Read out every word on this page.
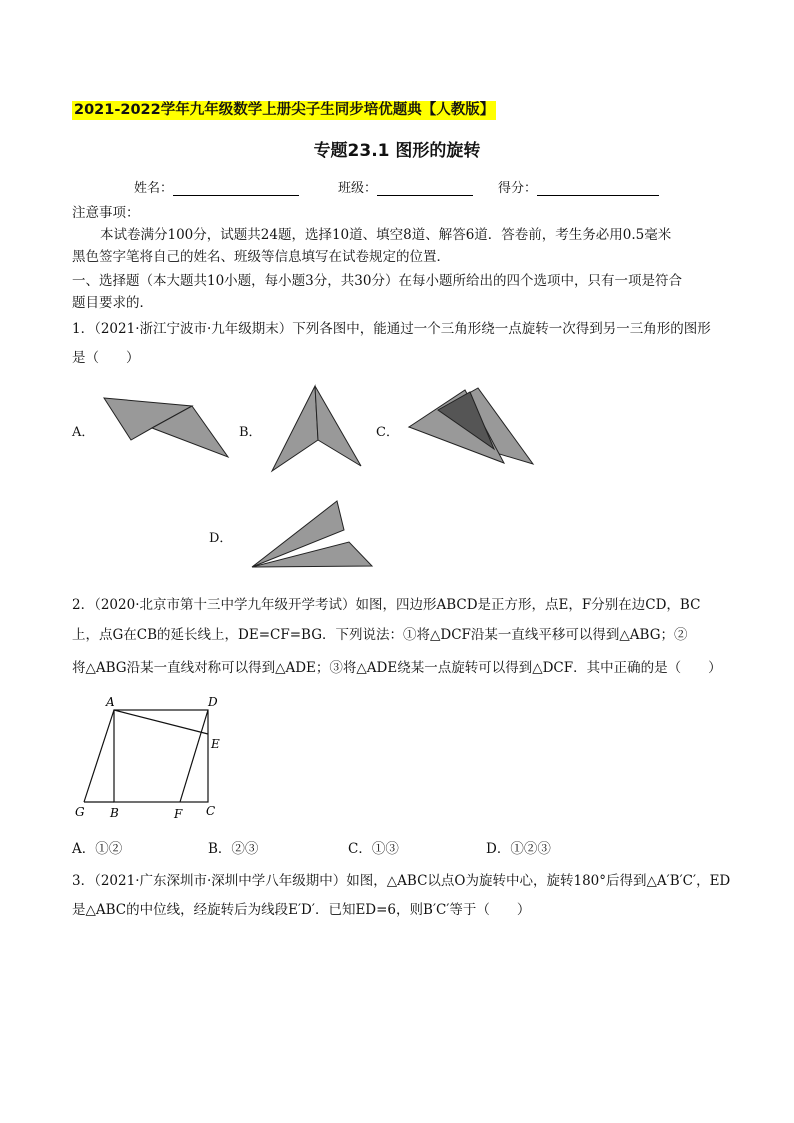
2021-2022学年九年级数学上册尖子生同步培优题典【人教版】
专题23.1 图形的旋转
姓名：	班级：	得分：
注意事项：
本试卷满分100分，试题共24题，选择10道、填空8道、解答6道．答卷前，考生务必用0.5毫米
黑色签字笔将自己的姓名、班级等信息填写在试卷规定的位置．
一、选择题（本大题共10小题，每小题3分，共30分）在每小题所给出的四个选项中，只有一项是符合
题目要求的．
1．（2021·浙江宁波市·九年级期末）下列各图中，能通过一个三角形绕一点旋转一次得到另一三角形的图形
是（　　）
A．	B．	C．
D．
2．（2020·北京市第十三中学九年级开学考试）如图，四边形ABCD是正方形，点E，F分别在边CD，BC
上，点G在CB的延长线上，DE=CF=BG．下列说法：①将△DCF沿某一直线平移可以得到△ABG；②
将△ABG沿某一直线对称可以得到△ADE；③将△ADE绕某一点旋转可以得到△DCF．其中正确的是（　　）
A	D
E
G B	F C
A．①②	B．②③	C．①③	D．①②③
3．（2021·广东深圳市·深圳中学八年级期中）如图，△ABC以点O为旋转中心，旋转180°后得到△A′B′C′，ED
是△ABC的中位线，经旋转后为线段E′D′．已知ED=6，则B′C′等于（　　）
